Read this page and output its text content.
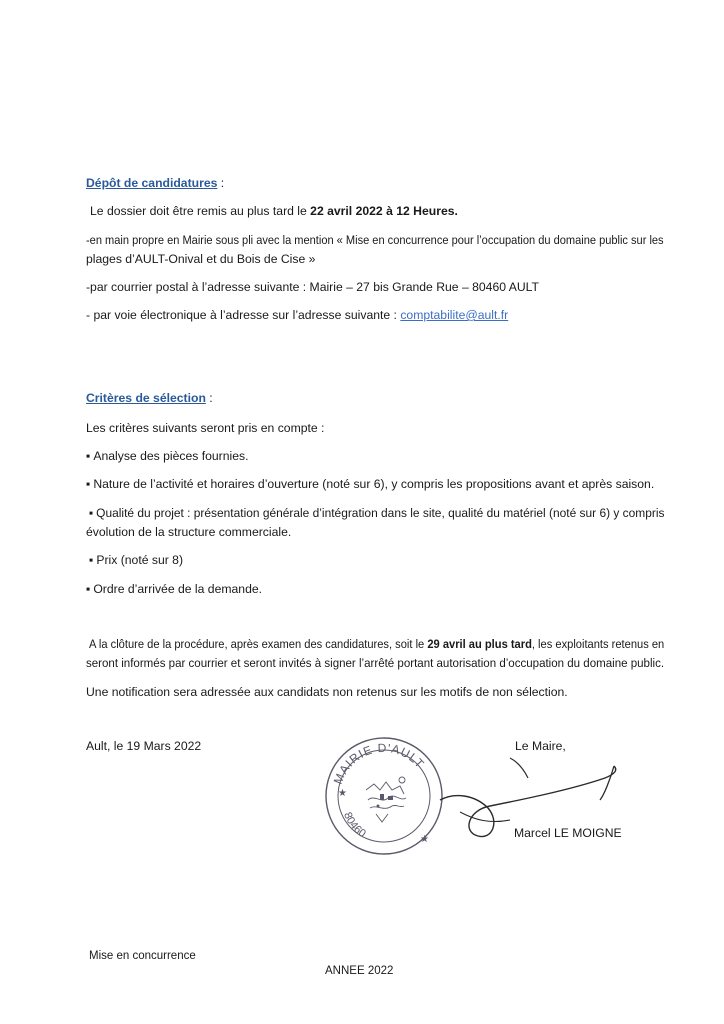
Dépôt de candidatures :
Le dossier doit être remis au plus tard le 22 avril 2022 à 12 Heures.
-en main propre en Mairie sous pli avec la mention « Mise en concurrence pour l’occupation du domaine public sur les
plages d’AULT-Onival et du Bois de Cise »
-par courrier postal à l’adresse suivante : Mairie – 27 bis Grande Rue – 80460 AULT
- par voie électronique à l’adresse sur l’adresse suivante : comptabilite@ault.fr
Critères de sélection :
Les critères suivants seront pris en compte :
▪ Analyse des pièces fournies.
▪ Nature de l’activité et horaires d’ouverture (noté sur 6), y compris les propositions avant et après saison.
▪ Qualité du projet : présentation générale d’intégration dans le site, qualité du matériel (noté sur 6) y compris
évolution de la structure commerciale.
▪ Prix (noté sur 8)
▪ Ordre d’arrivée de la demande.
A la clôture de la procédure, après examen des candidatures, soit le 29 avril au plus tard, les exploitants retenus en
seront informés par courrier et seront invités à signer l’arrêté portant autorisation d’occupation du domaine public.
Une notification sera adressée aux candidats non retenus sur les motifs de non sélection.
Ault, le 19 Mars 2022	Le Maire,
Marcel LE MOIGNE
MAIRIE D'AULT
80460
★
★
Mise en concurrence
ANNEE 2022
